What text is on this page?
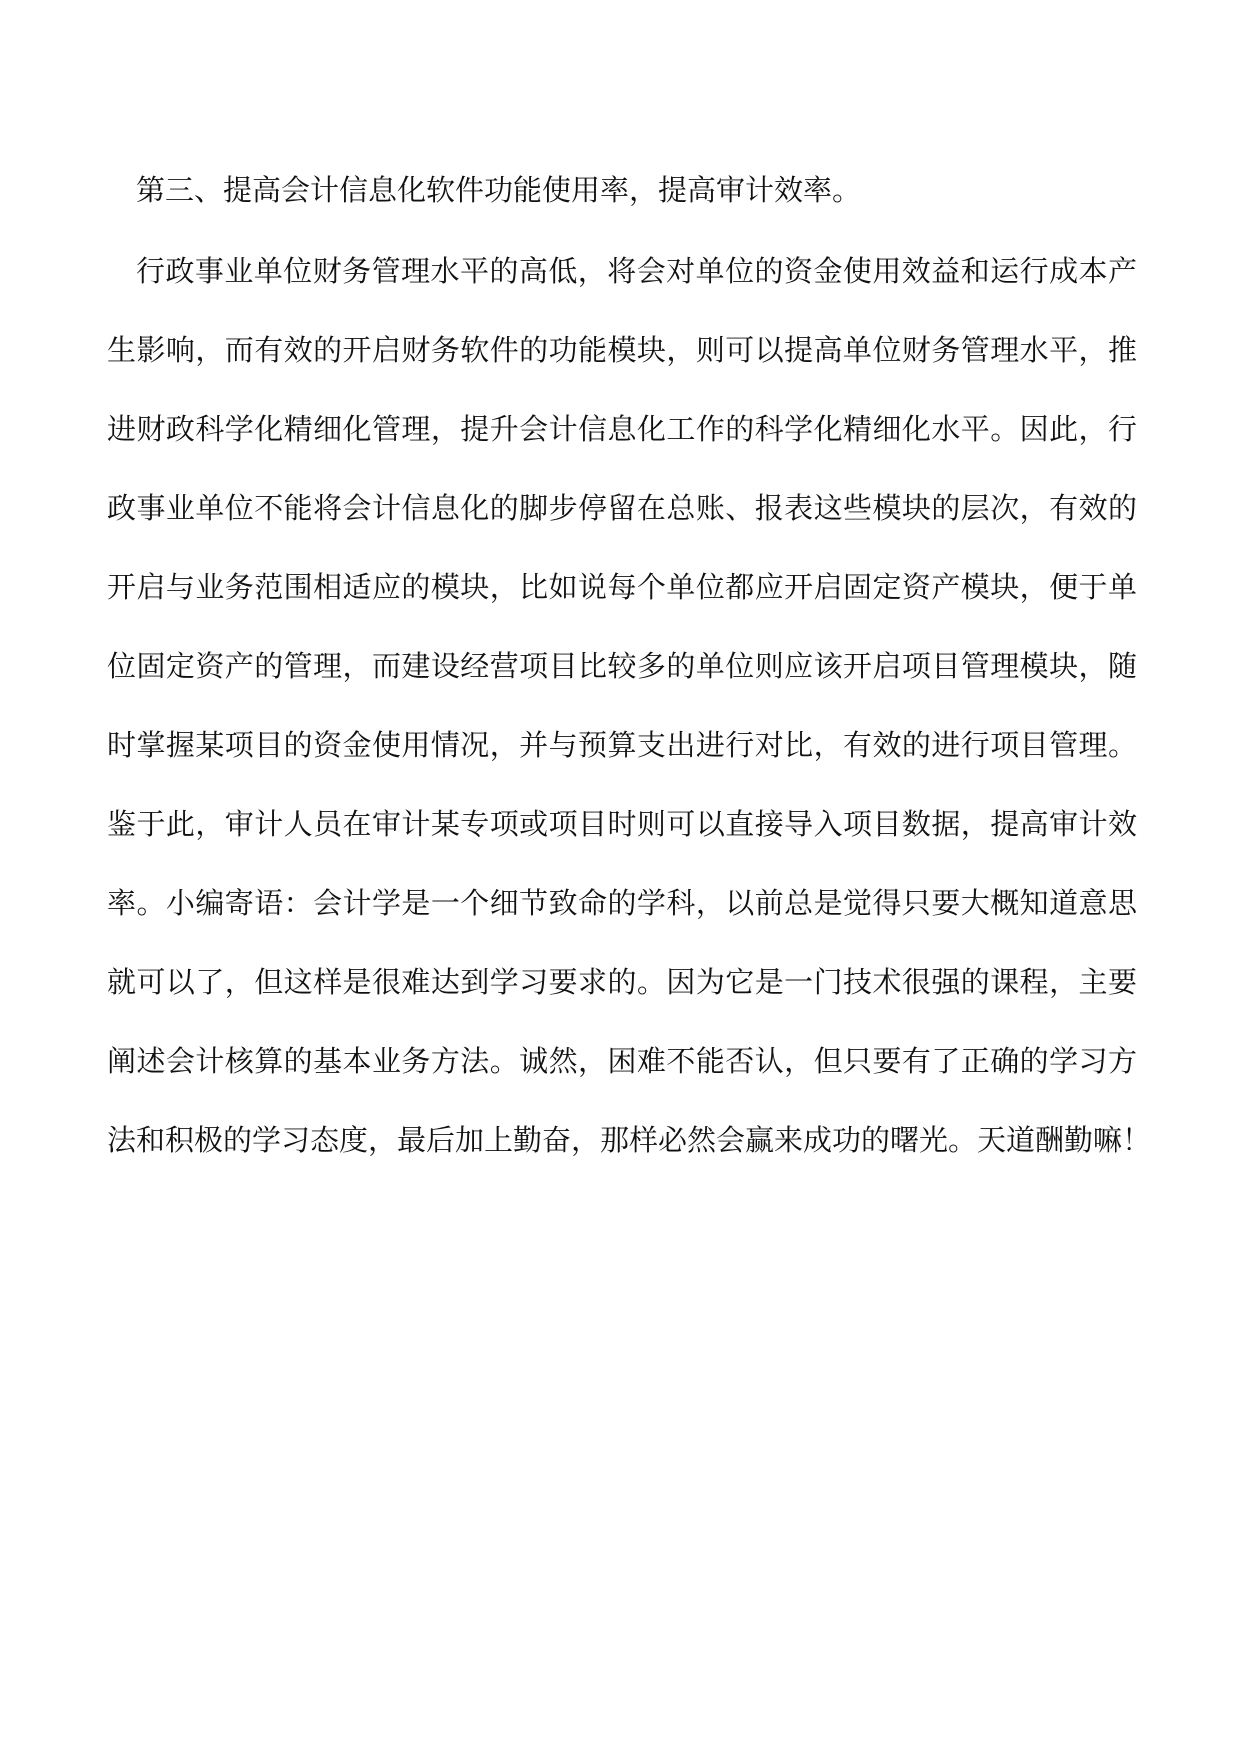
第三、提高会计信息化软件功能使用率，提高审计效率。
行政事业单位财务管理水平的高低，将会对单位的资金使用效益和运行成本产
生影响，而有效的开启财务软件的功能模块，则可以提高单位财务管理水平，推
进财政科学化精细化管理，提升会计信息化工作的科学化精细化水平。因此，行
政事业单位不能将会计信息化的脚步停留在总账、报表这些模块的层次，有效的
开启与业务范围相适应的模块，比如说每个单位都应开启固定资产模块，便于单
位固定资产的管理，而建设经营项目比较多的单位则应该开启项目管理模块，随
时掌握某项目的资金使用情况，并与预算支出进行对比，有效的进行项目管理。
鉴于此，审计人员在审计某专项或项目时则可以直接导入项目数据，提高审计效
率。小编寄语：会计学是一个细节致命的学科，以前总是觉得只要大概知道意思
就可以了，但这样是很难达到学习要求的。因为它是一门技术很强的课程，主要
阐述会计核算的基本业务方法。诚然，困难不能否认，但只要有了正确的学习方
法和积极的学习态度，最后加上勤奋，那样必然会赢来成功的曙光。天道酬勤嘛！
